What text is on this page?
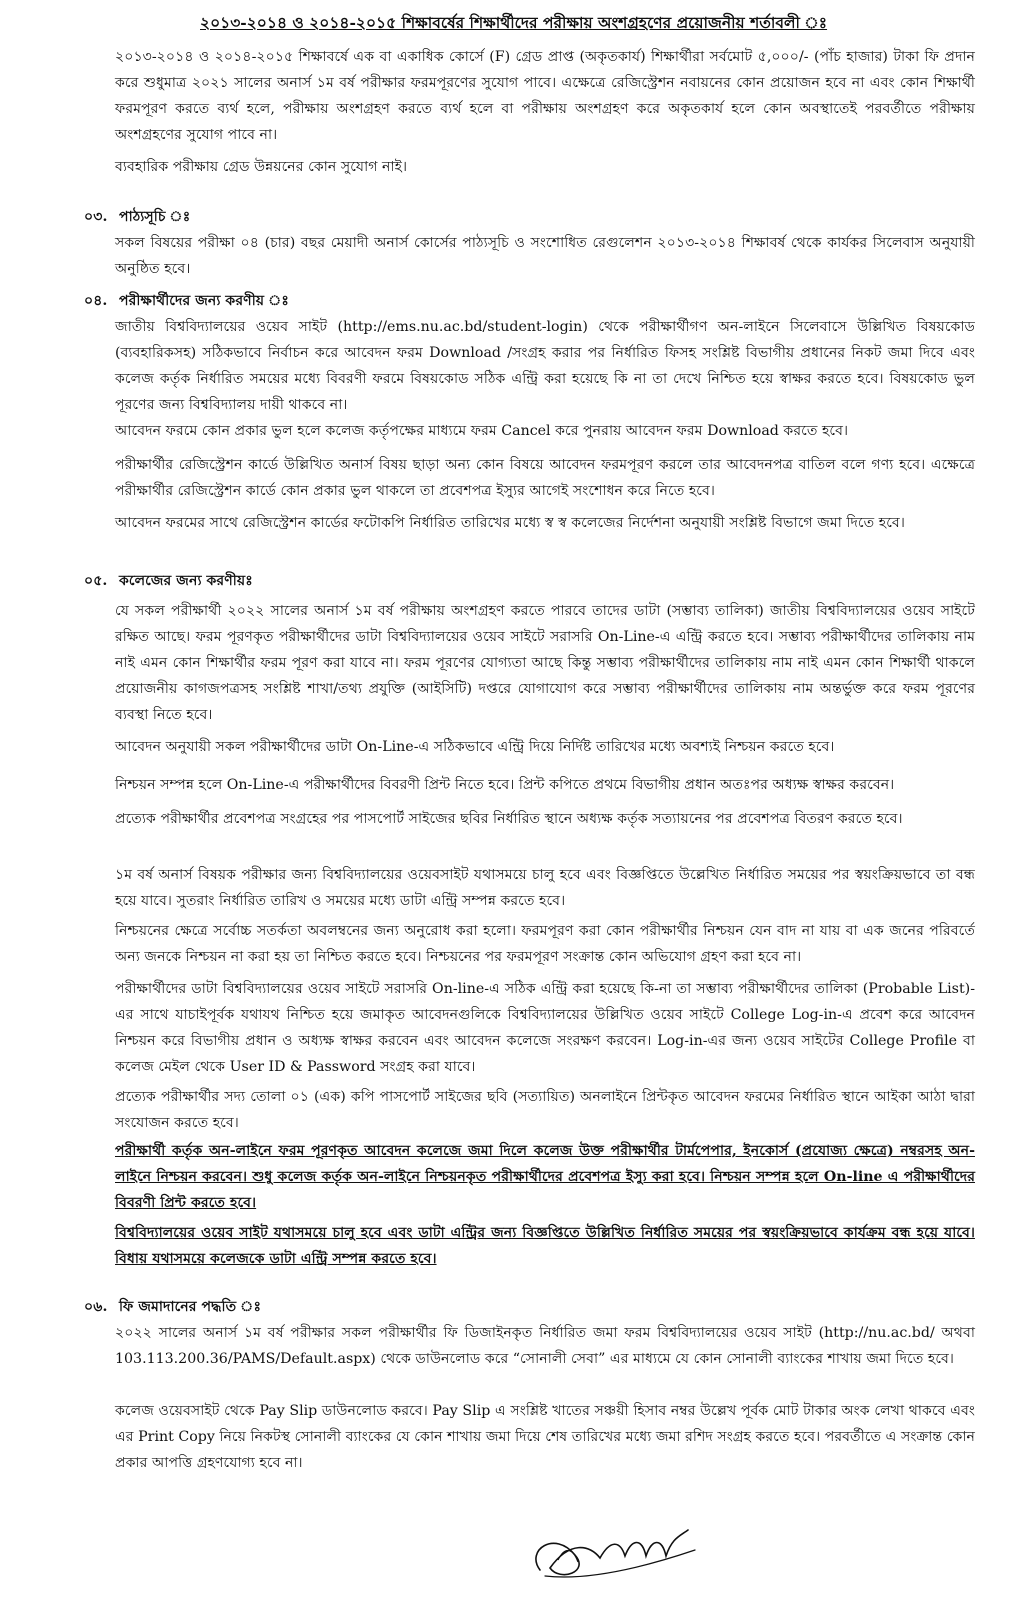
২০১৩-২০১৪ ও ২০১৪-২০১৫ শিক্ষাবর্ষের শিক্ষার্থীদের পরীক্ষায় অংশগ্রহণের প্রয়োজনীয় শর্তাবলী ঃ

২০১৩-২০১৪ ও ২০১৪-২০১৫ শিক্ষাবর্ষে এক বা একাধিক কোর্সে (F) গ্রেড প্রাপ্ত (অকৃতকার্য) শিক্ষার্থীরা সর্বমোট ৫,০০০/- (পাঁচ হাজার) টাকা ফি প্রদান করে শুধুমাত্র ২০২১ সালের অনার্স ১ম বর্ষ পরীক্ষার ফরমপূরণের সুযোগ পাবে। এক্ষেত্রে রেজিস্ট্রেশন নবায়নের কোন প্রয়োজন হবে না এবং কোন শিক্ষার্থী ফরমপূরণ করতে ব্যর্থ হলে, পরীক্ষায় অংশগ্রহণ করতে ব্যর্থ হলে বা পরীক্ষায় অংশগ্রহণ করে অকৃতকার্য হলে কোন অবস্থাতেই পরবর্তীতে পরীক্ষায় অংশগ্রহণের সুযোগ পাবে না।

ব্যবহারিক পরীক্ষায় গ্রেড উন্নয়নের কোন সুযোগ নাই।

০৩. পাঠ্যসূচি ঃ

সকল বিষয়ের পরীক্ষা ০৪ (চার) বছর মেয়াদী অনার্স কোর্সের পাঠ্যসূচি ও সংশোধিত রেগুলেশন ২০১৩-২০১৪ শিক্ষাবর্ষ থেকে কার্যকর সিলেবাস অনুযায়ী অনুষ্ঠিত হবে।

০৪. পরীক্ষার্থীদের জন্য করণীয় ঃ

জাতীয় বিশ্ববিদ্যালয়ের ওয়েব সাইট (http://ems.nu.ac.bd/student-login) থেকে পরীক্ষার্থীগণ অন-লাইনে সিলেবাসে উল্লিখিত বিষয়কোড (ব্যবহারিকসহ) সঠিকভাবে নির্বাচন করে আবেদন ফরম Download /সংগ্রহ করার পর নির্ধারিত ফিসহ সংশ্লিষ্ট বিভাগীয় প্রধানের নিকট জমা দিবে এবং কলেজ কর্তৃক নির্ধারিত সময়ের মধ্যে বিবরণী ফরমে বিষয়কোড সঠিক এন্ট্রি করা হয়েছে কি না তা দেখে নিশ্চিত হয়ে স্বাক্ষর করতে হবে। বিষয়কোড ভুল পূরণের জন্য বিশ্ববিদ্যালয় দায়ী থাকবে না।

আবেদন ফরমে কোন প্রকার ভুল হলে কলেজ কর্তৃপক্ষের মাধ্যমে ফরম Cancel করে পুনরায় আবেদন ফরম Download করতে হবে।

পরীক্ষার্থীর রেজিস্ট্রেশন কার্ডে উল্লিখিত অনার্স বিষয় ছাড়া অন্য কোন বিষয়ে আবেদন ফরমপূরণ করলে তার আবেদনপত্র বাতিল বলে গণ্য হবে। এক্ষেত্রে পরীক্ষার্থীর রেজিস্ট্রেশন কার্ডে কোন প্রকার ভুল থাকলে তা প্রবেশপত্র ইস্যুর আগেই সংশোধন করে নিতে হবে।

আবেদন ফরমের সাথে রেজিস্ট্রেশন কার্ডের ফটোকপি নির্ধারিত তারিখের মধ্যে স্ব স্ব কলেজের নির্দেশনা অনুযায়ী সংশ্লিষ্ট বিভাগে জমা দিতে হবে।

০৫. কলেজের জন্য করণীয়ঃ

যে সকল পরীক্ষার্থী ২০২২ সালের অনার্স ১ম বর্ষ পরীক্ষায় অংশগ্রহণ করতে পারবে তাদের ডাটা (সম্ভাব্য তালিকা) জাতীয় বিশ্ববিদ্যালয়ের ওয়েব সাইটে রক্ষিত আছে। ফরম পূরণকৃত পরীক্ষার্থীদের ডাটা বিশ্ববিদ্যালয়ের ওয়েব সাইটে সরাসরি On-Line-এ এন্ট্রি করতে হবে। সম্ভাব্য পরীক্ষার্থীদের তালিকায় নাম নাই এমন কোন শিক্ষার্থীর ফরম পূরণ করা যাবে না। ফরম পূরণের যোগ্যতা আছে কিন্তু সম্ভাব্য পরীক্ষার্থীদের তালিকায় নাম নাই এমন কোন শিক্ষার্থী থাকলে প্রয়োজনীয় কাগজপত্রসহ সংশ্লিষ্ট শাখা/তথ্য প্রযুক্তি (আইসিটি) দপ্তরে যোগাযোগ করে সম্ভাব্য পরীক্ষার্থীদের তালিকায় নাম অন্তর্ভুক্ত করে ফরম পূরণের ব্যবস্থা নিতে হবে।

আবেদন অনুযায়ী সকল পরীক্ষার্থীদের ডাটা On-Line-এ সঠিকভাবে এন্ট্রি দিয়ে নির্দিষ্ট তারিখের মধ্যে অবশ্যই নিশ্চয়ন করতে হবে।

নিশ্চয়ন সম্পন্ন হলে On-Line-এ পরীক্ষার্থীদের বিবরণী প্রিন্ট নিতে হবে। প্রিন্ট কপিতে প্রথমে বিভাগীয় প্রধান অতঃপর অধ্যক্ষ স্বাক্ষর করবেন।

প্রত্যেক পরীক্ষার্থীর প্রবেশপত্র সংগ্রহের পর পাসপোর্ট সাইজের ছবির নির্ধারিত স্থানে অধ্যক্ষ কর্তৃক সত্যায়নের পর প্রবেশপত্র বিতরণ করতে হবে।

১ম বর্ষ অনার্স বিষয়ক পরীক্ষার জন্য বিশ্ববিদ্যালয়ের ওয়েবসাইট যথাসময়ে চালু হবে এবং বিজ্ঞপ্তিতে উল্লেখিত নির্ধারিত সময়ের পর স্বয়ংক্রিয়ভাবে তা বন্ধ হয়ে যাবে। সুতরাং নির্ধারিত তারিখ ও সময়ের মধ্যে ডাটা এন্ট্রি সম্পন্ন করতে হবে।

নিশ্চয়নের ক্ষেত্রে সর্বোচ্চ সতর্কতা অবলম্বনের জন্য অনুরোধ করা হলো। ফরমপূরণ করা কোন পরীক্ষার্থীর নিশ্চয়ন যেন বাদ না যায় বা এক জনের পরিবর্তে অন্য জনকে নিশ্চয়ন না করা হয় তা নিশ্চিত করতে হবে। নিশ্চয়নের পর ফরমপূরণ সংক্রান্ত কোন অভিযোগ গ্রহণ করা হবে না।

পরীক্ষার্থীদের ডাটা বিশ্ববিদ্যালয়ের ওয়েব সাইটে সরাসরি On-line-এ সঠিক এন্ট্রি করা হয়েছে কি-না তা সম্ভাব্য পরীক্ষার্থীদের তালিকা (Probable List)-এর সাথে যাচাইপূর্বক যথাযথ নিশ্চিত হয়ে জমাকৃত আবেদনগুলিকে বিশ্ববিদ্যালয়ের উল্লিখিত ওয়েব সাইটে College Log-in-এ প্রবেশ করে আবেদন নিশ্চয়ন করে বিভাগীয় প্রধান ও অধ্যক্ষ স্বাক্ষর করবেন এবং আবেদন কলেজে সংরক্ষণ করবেন। Log-in-এর জন্য ওয়েব সাইটের College Profile বা কলেজ মেইল থেকে User ID & Password সংগ্রহ করা যাবে।

প্রত্যেক পরীক্ষার্থীর সদ্য তোলা ০১ (এক) কপি পাসপোর্ট সাইজের ছবি (সত্যায়িত) অনলাইনে প্রিন্টকৃত আবেদন ফরমের নির্ধারিত স্থানে আইকা আঠা দ্বারা সংযোজন করতে হবে।

পরীক্ষার্থী কর্তৃক অন-লাইনে ফরম পূরণকৃত আবেদন কলেজে জমা দিলে কলেজ উক্ত পরীক্ষার্থীর টার্মপেপার, ইনকোর্স (প্রযোজ্য ক্ষেত্রে) নম্বরসহ অন-লাইনে নিশ্চয়ন করবেন। শুধু কলেজ কর্তৃক অন-লাইনে নিশ্চয়নকৃত পরীক্ষার্থীদের প্রবেশপত্র ইস্যু করা হবে। নিশ্চয়ন সম্পন্ন হলে On-line এ পরীক্ষার্থীদের বিবরণী প্রিন্ট করতে হবে।

বিশ্ববিদ্যালয়ের ওয়েব সাইট যথাসময়ে চালু হবে এবং ডাটা এন্ট্রির জন্য বিজ্ঞপ্তিতে উল্লিখিত নির্ধারিত সময়ের পর স্বয়ংক্রিয়ভাবে কার্যক্রম বন্ধ হয়ে যাবে। বিধায় যথাসময়ে কলেজকে ডাটা এন্ট্রি সম্পন্ন করতে হবে।

০৬. ফি জমাদানের পদ্ধতি ঃ

২০২২ সালের অনার্স ১ম বর্ষ পরীক্ষার সকল পরীক্ষার্থীর ফি ডিজাইনকৃত নির্ধারিত জমা ফরম বিশ্ববিদ্যালয়ের ওয়েব সাইট (http://nu.ac.bd/ অথবা 103.113.200.36/PAMS/Default.aspx) থেকে ডাউনলোড করে “সোনালী সেবা” এর মাধ্যমে যে কোন সোনালী ব্যাংকের শাখায় জমা দিতে হবে।

কলেজ ওয়েবসাইট থেকে Pay Slip ডাউনলোড করবে। Pay Slip এ সংশ্লিষ্ট খাতের সঞ্চয়ী হিসাব নম্বর উল্লেখ পূর্বক মোট টাকার অংক লেখা থাকবে এবং এর Print Copy নিয়ে নিকটস্থ সোনালী ব্যাংকের যে কোন শাখায় জমা দিয়ে শেষ তারিখের মধ্যে জমা রশিদ সংগ্রহ করতে হবে। পরবর্তীতে এ সংক্রান্ত কোন প্রকার আপত্তি গ্রহণযোগ্য হবে না।
